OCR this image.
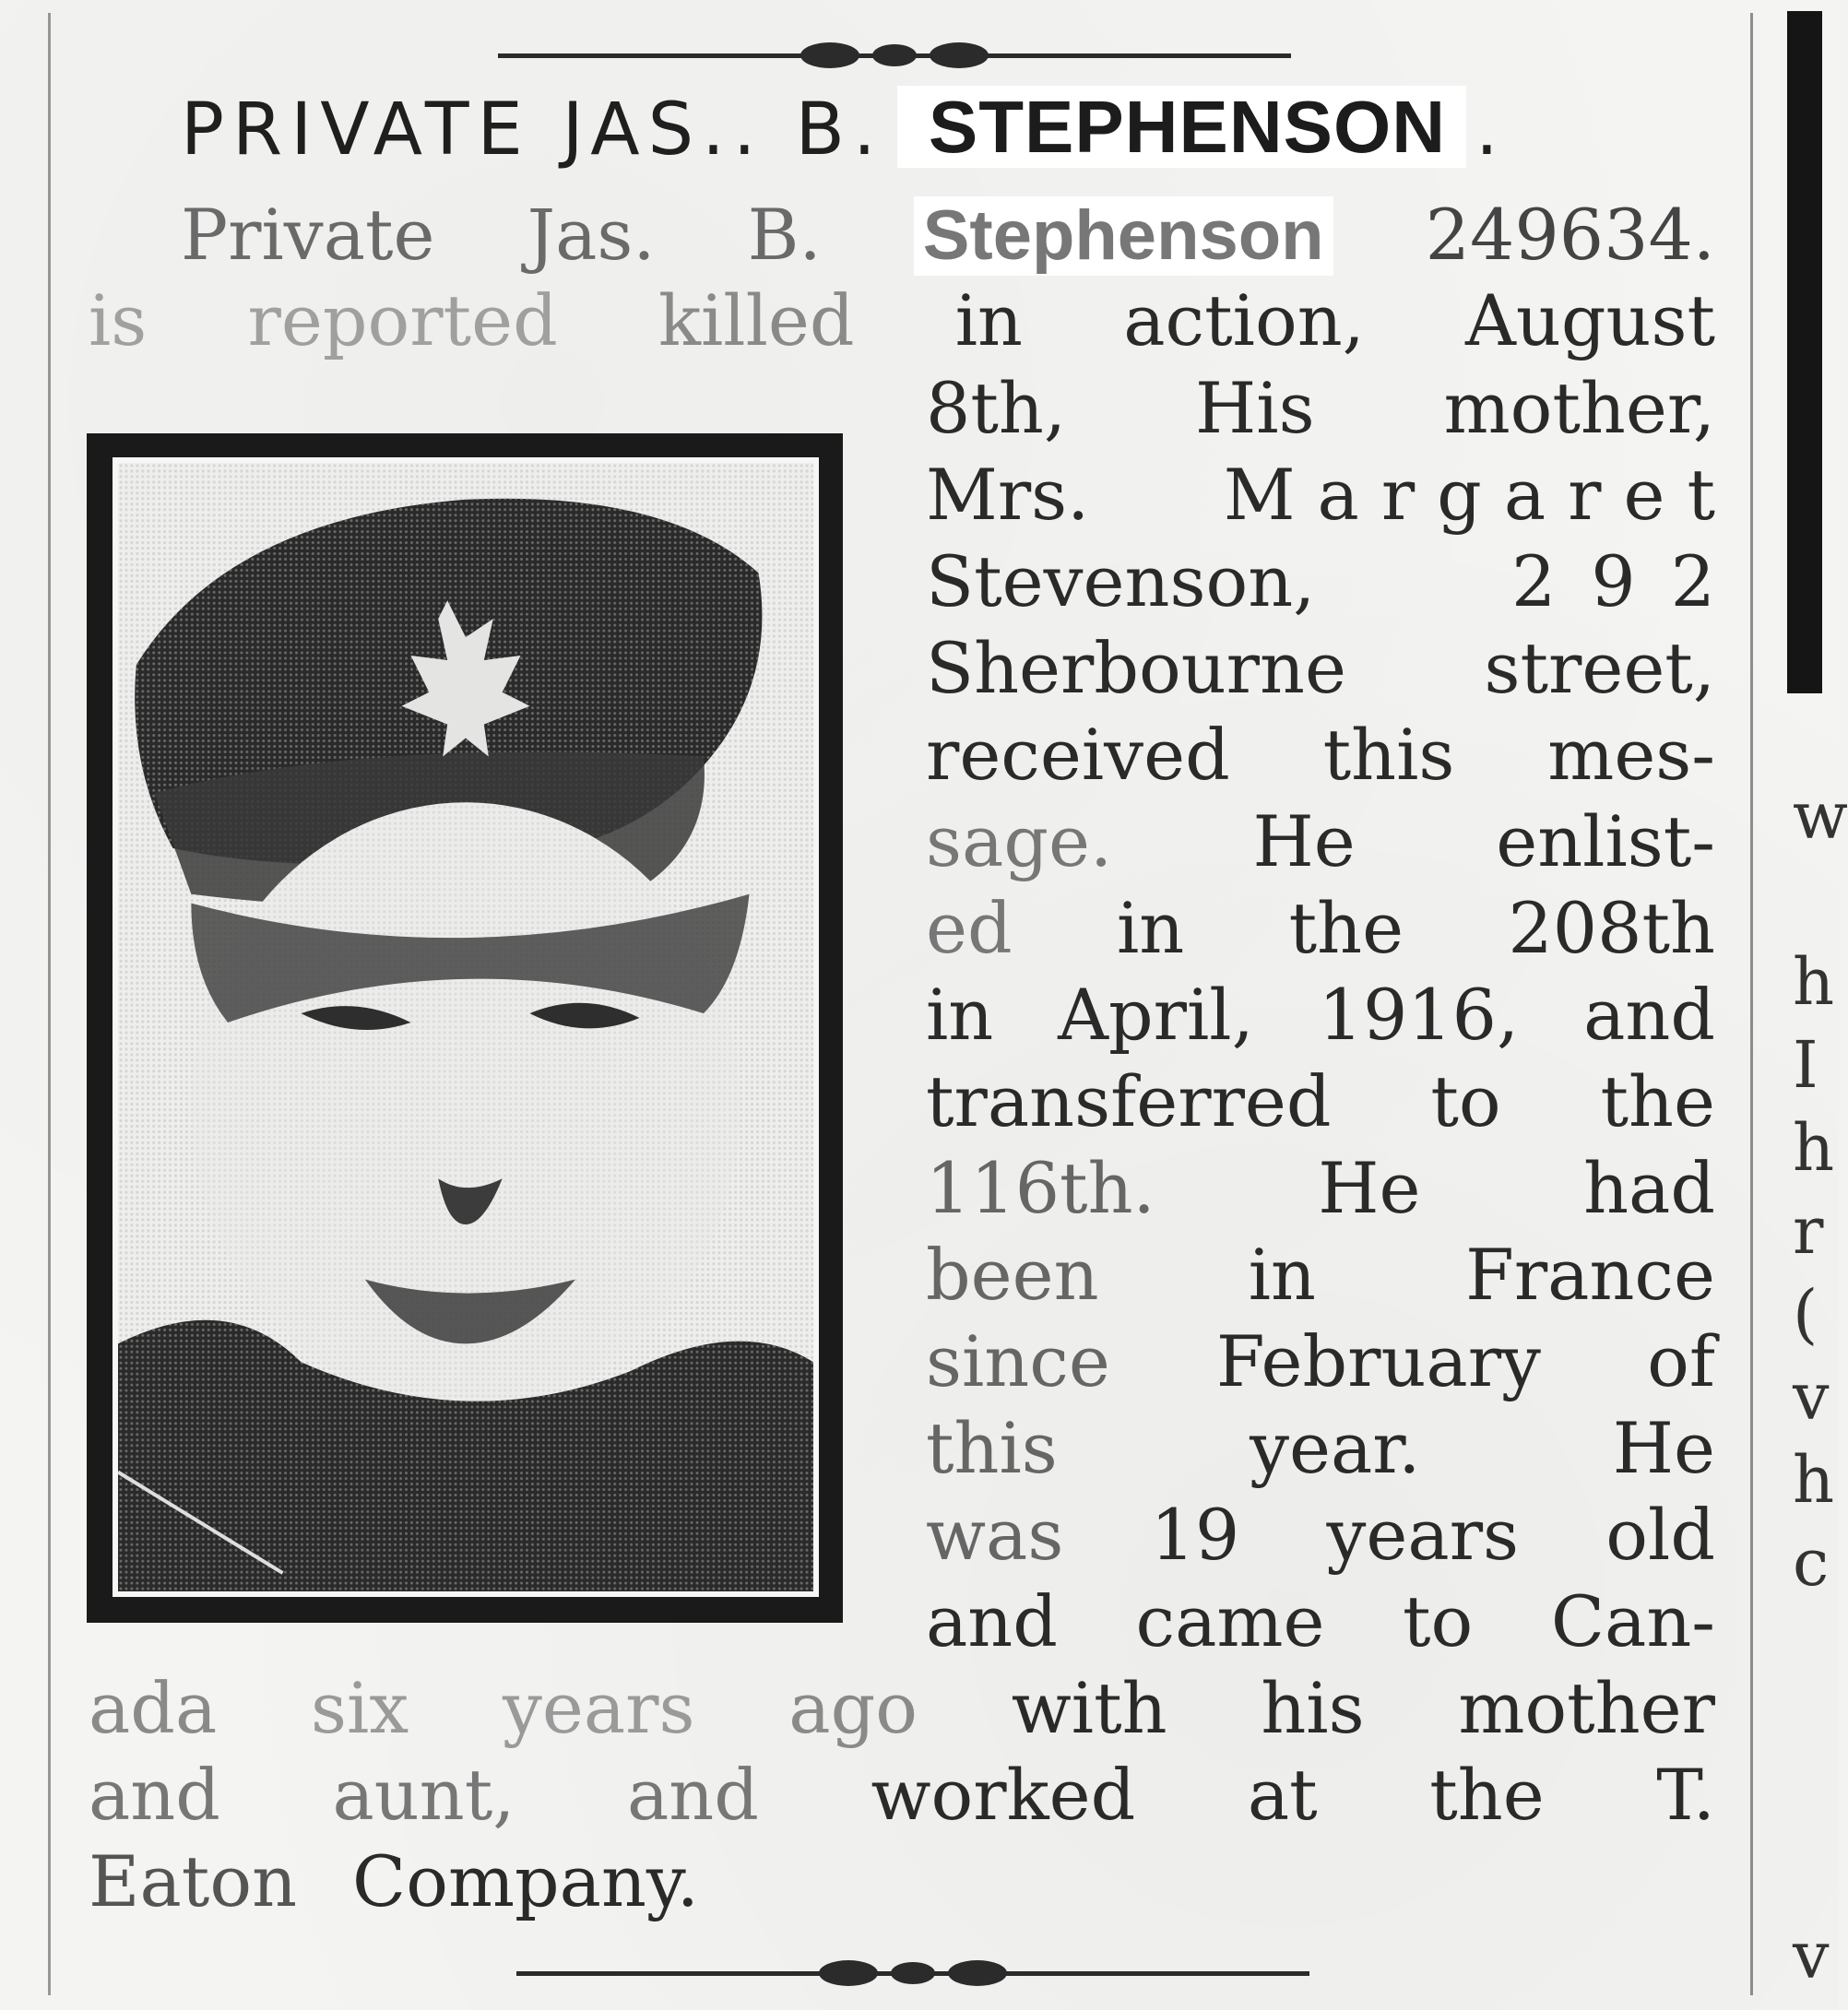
PRIVATE JAS.. B. STEPHENSON .
Private Jas. B. Stephenson 249634.
is reported killed in action, August
8th, His mother,
Mrs. Margaret
Stevenson,	292
Sherbourne street,
received this mes-
sage. He enlist-
ed in the 208th
in April, 1916, and
transferred to the
116th. He had
been in France
since February of
this	year.	He
was 19 years old
and came to Can-
ada six years ago with his mother
and aunt, and worked at the T.
Eaton Company.
w
h
I
h
r
(
v
h
c
v
